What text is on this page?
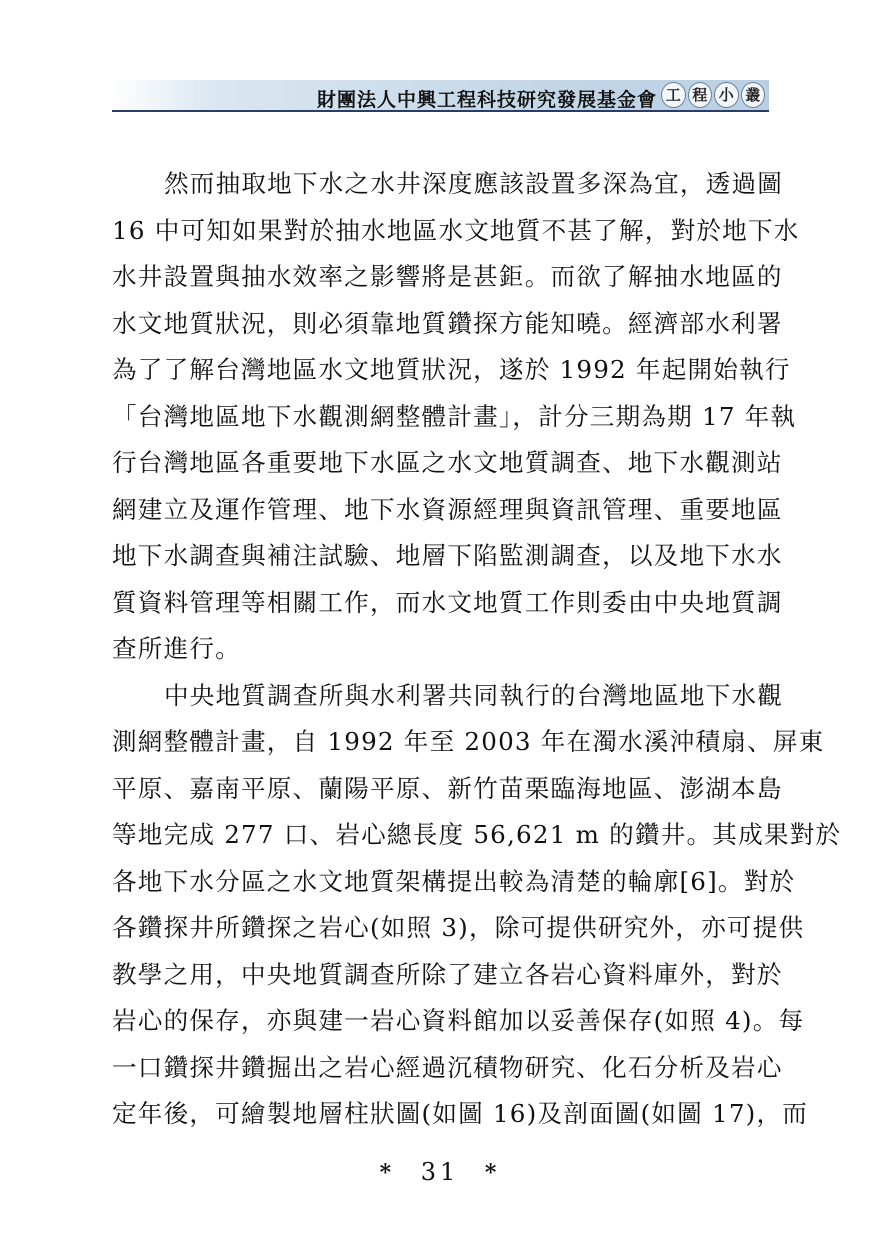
財團法人中興工程科技研究發展基金會 工 程 小 叢
然而抽取地下水之水井深度應該設置多深為宜，透過圖
16 中可知如果對於抽水地區水文地質不甚了解，對於地下水
水井設置與抽水效率之影響將是甚鉅。而欲了解抽水地區的
水文地質狀況，則必須靠地質鑽探方能知曉。經濟部水利署
為了了解台灣地區水文地質狀況，遂於 1992 年起開始執行
「台灣地區地下水觀測網整體計畫」，計分三期為期 17 年執
行台灣地區各重要地下水區之水文地質調查、地下水觀測站
網建立及運作管理、地下水資源經理與資訊管理、重要地區
地下水調查與補注試驗、地層下陷監測調查，以及地下水水
質資料管理等相關工作，而水文地質工作則委由中央地質調
查所進行。
中央地質調查所與水利署共同執行的台灣地區地下水觀
測網整體計畫，自 1992 年至 2003 年在濁水溪沖積扇、屏東
平原、嘉南平原、蘭陽平原、新竹苗栗臨海地區、澎湖本島
等地完成 277 口、岩心總長度 56,621 m 的鑽井。其成果對於
各地下水分區之水文地質架構提出較為清楚的輪廓[6]。對於
各鑽探井所鑽探之岩心(如照 3)，除可提供研究外，亦可提供
教學之用，中央地質調查所除了建立各岩心資料庫外，對於
岩心的保存，亦與建一岩心資料館加以妥善保存(如照 4)。每
一口鑽探井鑽掘出之岩心經過沉積物研究、化石分析及岩心
定年後，可繪製地層柱狀圖(如圖 16)及剖面圖(如圖 17)，而
* 31 *
